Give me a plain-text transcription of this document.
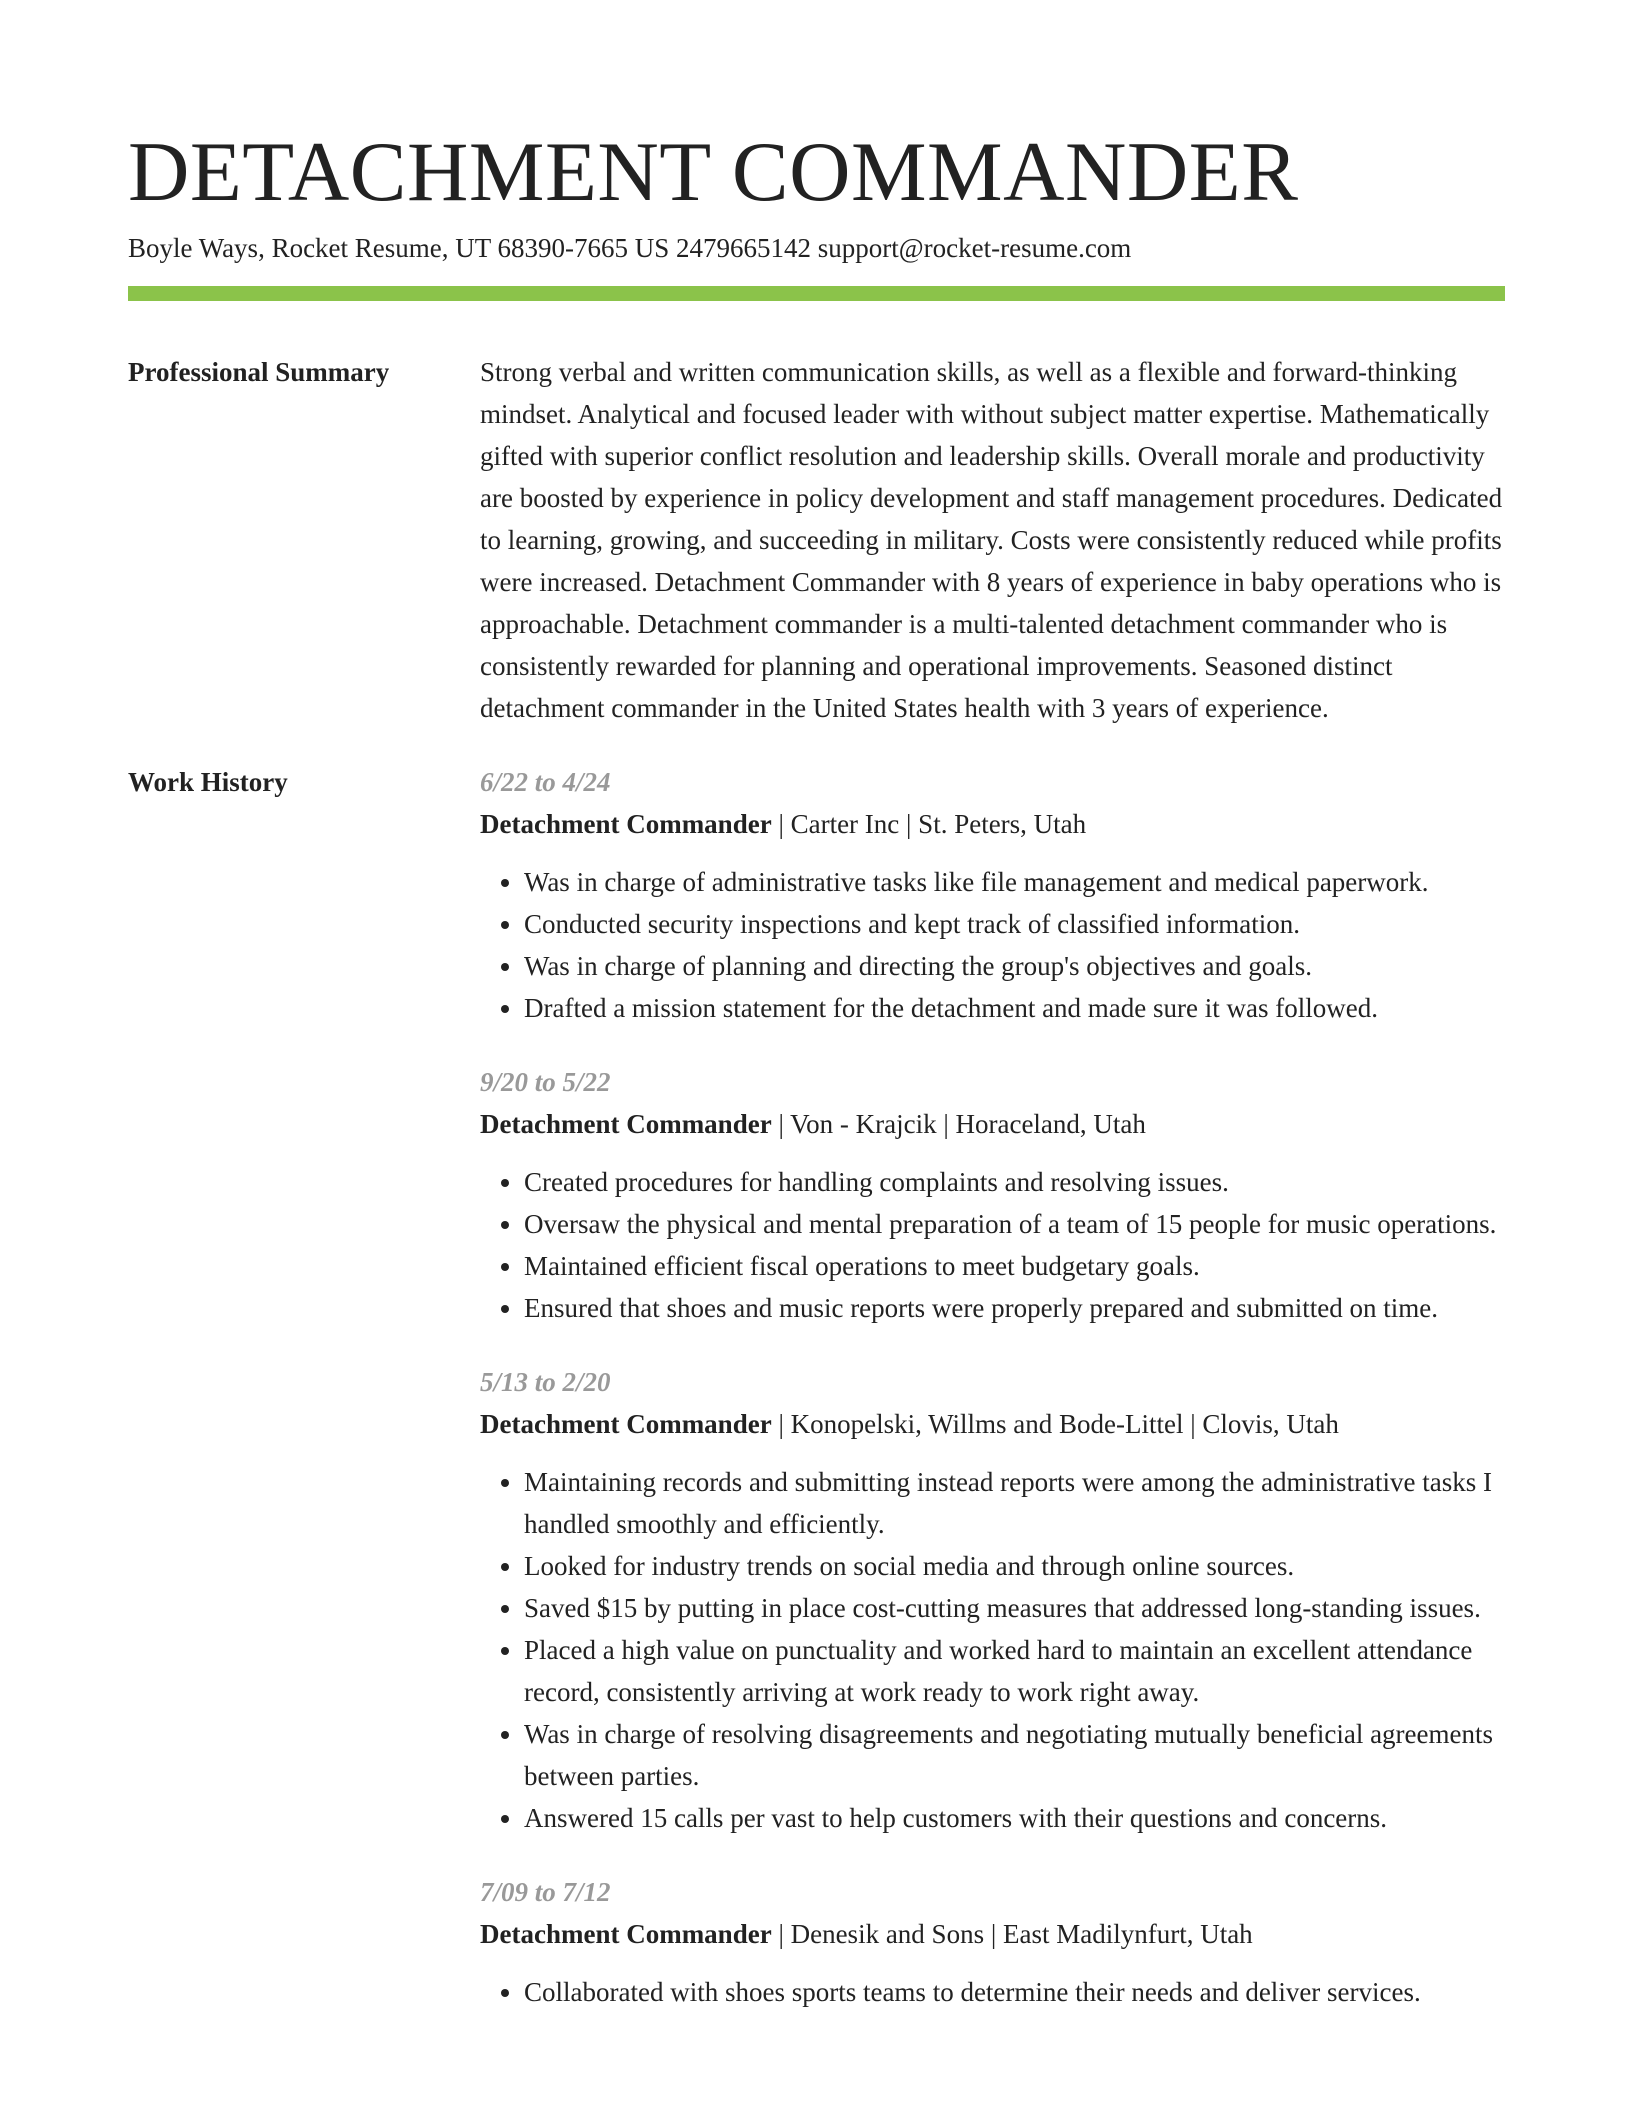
DETACHMENT COMMANDER
Boyle Ways, Rocket Resume, UT 68390-7665 US 2479665142 support@rocket-resume.com
Professional Summary	Strong verbal and written communication skills, as well as a flexible and forward-thinking mindset. Analytical and focused leader with without subject matter expertise. Mathematically gifted with superior conflict resolution and leadership skills. Overall morale and productivity are boosted by experience in policy development and staff management procedures. Dedicated to learning, growing, and succeeding in military. Costs were consistently reduced while profits were increased. Detachment Commander with 8 years of experience in baby operations who is approachable. Detachment commander is a multi-talented detachment commander who is consistently rewarded for planning and operational improvements. Seasoned distinct detachment commander in the United States health with 3 years of experience.

Work History	6/22 to 4/24
Detachment Commander | Carter Inc | St. Peters, Utah
• Was in charge of administrative tasks like file management and medical paperwork.
• Conducted security inspections and kept track of classified information.
• Was in charge of planning and directing the group's objectives and goals.
• Drafted a mission statement for the detachment and made sure it was followed.
9/20 to 5/22
Detachment Commander | Von - Krajcik | Horaceland, Utah
• Created procedures for handling complaints and resolving issues.
• Oversaw the physical and mental preparation of a team of 15 people for music operations.
• Maintained efficient fiscal operations to meet budgetary goals.
• Ensured that shoes and music reports were properly prepared and submitted on time.
5/13 to 2/20
Detachment Commander | Konopelski, Willms and Bode-Littel | Clovis, Utah
• Maintaining records and submitting instead reports were among the administrative tasks I handled smoothly and efficiently.
• Looked for industry trends on social media and through online sources.
• Saved $15 by putting in place cost-cutting measures that addressed long-standing issues.
• Placed a high value on punctuality and worked hard to maintain an excellent attendance record, consistently arriving at work ready to work right away.
• Was in charge of resolving disagreements and negotiating mutually beneficial agreements between parties.
• Answered 15 calls per vast to help customers with their questions and concerns.
7/09 to 7/12
Detachment Commander | Denesik and Sons | East Madilynfurt, Utah
• Collaborated with shoes sports teams to determine their needs and deliver services.
